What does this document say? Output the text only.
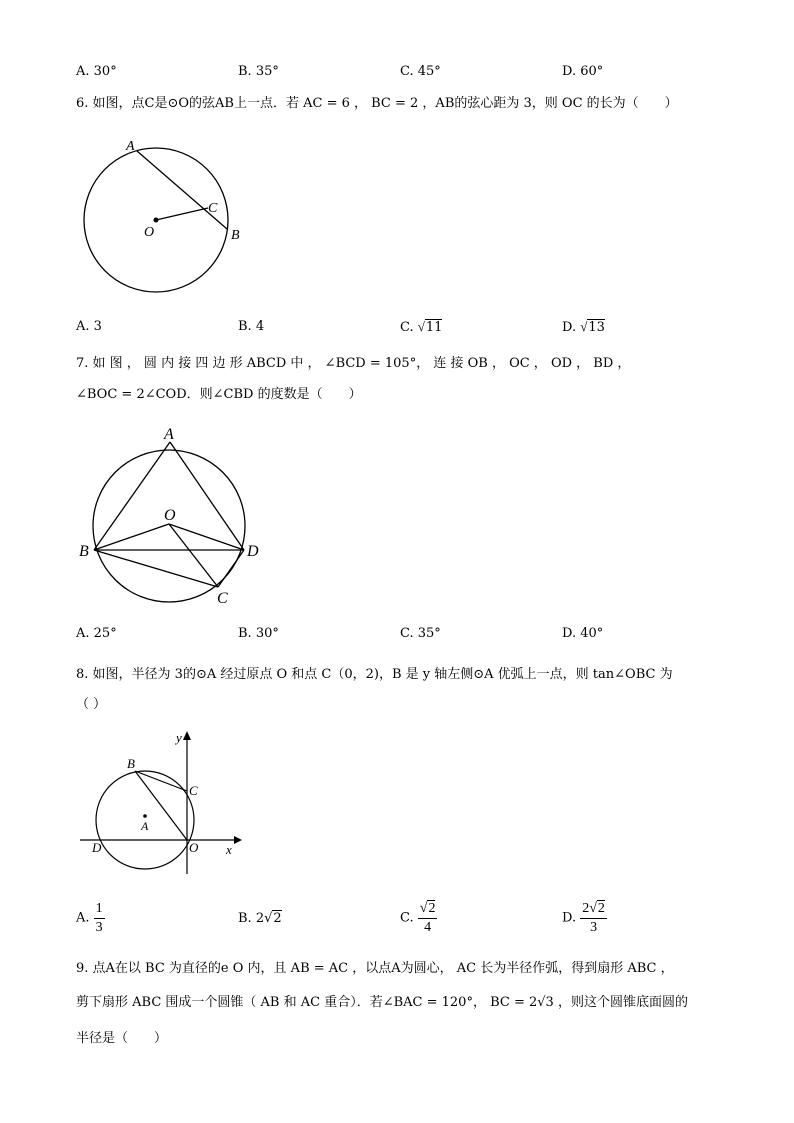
A. 30°	B. 35°	C. 45°	D. 60°
6. 如图，点C是⊙O的弦AB上一点．若 AC = 6 ， BC = 2 ，AB的弦心距为 3，则 OC 的长为（　　）
A
C
O	B
A. 3	B. 4	C. √11	D. √13
7. 如 图 ， 圆 内 接 四 边 形 ABCD 中 ， ∠BCD = 105°， 连 接 OB ， OC ， OD ， BD ，
∠BOC = 2∠COD．则∠CBD 的度数是（　　）
A
O
B	D
C
A. 25°	B. 30°	C. 35°	D. 40°
8. 如图，半径为 3的⊙A 经过原点 O 和点 C（0，2)，B 是 y 轴左侧⊙A 优弧上一点，则 tan∠OBC 为
（ ）
y
B
C
A
D	O x
A. $\frac{1}{3}$	B. 2√2	C. $\frac{√2}{4}$	D. $\frac{2√2}{3}$
9. 点A在以 BC 为直径的e O 内，且 AB = AC ，以点A为圆心， AC 长为半径作弧，得到扇形 ABC ，
剪下扇形 ABC 围成一个圆锥（ AB 和 AC 重合）．若∠BAC = 120°， BC = 2√3 ，则这个圆锥底面圆的
半径是（　　）
